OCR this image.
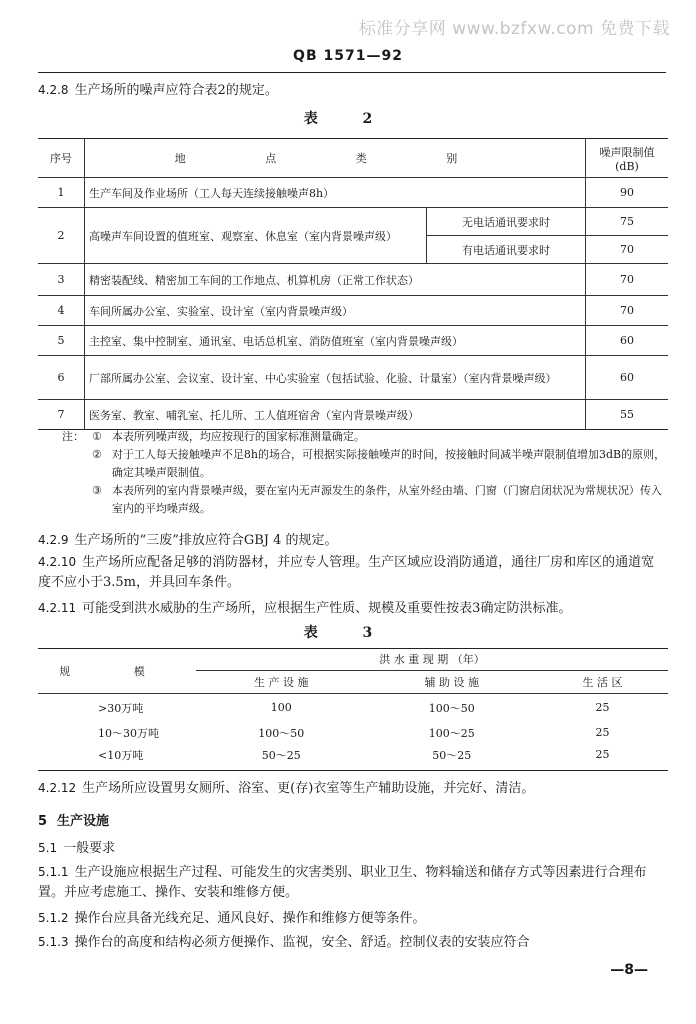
标准分享网 www.bzfxw.com 免费下载
QB 1571—92
4.2.8 生产场所的噪声应符合表2的规定。
表 2
序号	地 点 类 别		噪声限制值(dB)
1	生产车间及作业场所（工人每天连续接触噪声8h）		90
2	高噪声车间设置的值班室、观察室、休息室（室内背景噪声级）	无电话通讯要求时	75
		有电话通讯要求时	70
3	精密装配线、精密加工车间的工作地点、机算机房（正常工作状态）		70
4	车间所属办公室、实验室、设计室（室内背景噪声级）		70
5	主控室、集中控制室、通讯室、电话总机室、消防值班室（室内背景噪声级）		60
6	厂部所属办公室、会议室、设计室、中心实验室（包括试验、化验、计量室）（室内背景噪声级）		60
7	医务室、教室、哺乳室、托儿所、工人值班宿舍（室内背景噪声级）		55
注： ① 本表所列噪声级，均应按现行的国家标准测量确定。
② 对于工人每天接触噪声不足8h的场合，可根据实际接触噪声的时间，按接触时间减半噪声限制值增加3dB的原则，确定其噪声限制值。
③ 本表所列的室内背景噪声级，要在室内无声源发生的条件，从室外经由墙、门窗（门窗启闭状况为常规状况）传入室内的平均噪声级。
4.2.9 生产场所的“三废”排放应符合GBJ 4 的规定。
4.2.10 生产场所应配备足够的消防器材，并应专人管理。生产区域应设消防通道，通往厂房和库区的通道宽度不应小于3.5m，并具回车条件。
4.2.11 可能受到洪水威胁的生产场所，应根据生产性质、规模及重要性按表3确定防洪标准。
表 3
规 模	洪 水 重 现 期 （年）		
	生 产 设 施	辅 助 设 施	生 活 区
>30万吨	100	100～50	25
10～30万吨	100～50	100～25	25
<10万吨	50～25	50～25	25
4.2.12 生产场所应设置男女厕所、浴室、更(存)衣室等生产辅助设施，并完好、清洁。
5 生产设施
5.1 一般要求
5.1.1 生产设施应根据生产过程、可能发生的灾害类别、职业卫生、物料输送和储存方式等因素进行合理布置。并应考虑施工、操作、安装和维修方便。
5.1.2 操作台应具备光线充足、通风良好、操作和维修方便等条件。
5.1.3 操作台的高度和结构必须方便操作、监视，安全、舒适。控制仪表的安装应符合
—8—
